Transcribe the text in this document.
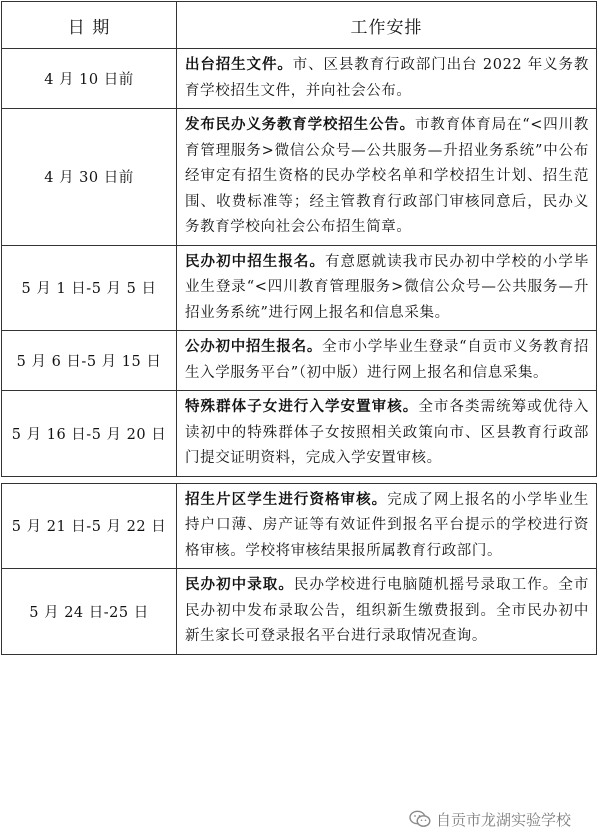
日 期	工作安排
4 月 10 日前	出台招生文件。市、区县教育行政部门出台 2022 年义务教育学校招生文件，并向社会公布。
4 月 30 日前	发布民办义务教育学校招生公告。市教育体育局在“<四川教育管理服务>微信公众号—公共服务—升招业务系统”中公布经审定有招生资格的民办学校名单和学校招生计划、招生范围、收费标准等；经主管教育行政部门审核同意后，民办义务教育学校向社会公布招生简章。
5 月 1 日-5 月 5 日	民办初中招生报名。有意愿就读我市民办初中学校的小学毕业生登录“<四川教育管理服务>微信公众号—公共服务—升招业务系统”进行网上报名和信息采集。
5 月 6 日-5 月 15 日	公办初中招生报名。全市小学毕业生登录“自贡市义务教育招生入学服务平台”（初中版）进行网上报名和信息采集。
5 月 16 日-5 月 20 日	特殊群体子女进行入学安置审核。全市各类需统筹或优待入读初中的特殊群体子女按照相关政策向市、区县教育行政部门提交证明资料，完成入学安置审核。

5 月 21 日-5 月 22 日	招生片区学生进行资格审核。完成了网上报名的小学毕业生持户口薄、房产证等有效证件到报名平台提示的学校进行资格审核。学校将审核结果报所属教育行政部门。
5 月 24 日-25 日	民办初中录取。民办学校进行电脑随机摇号录取工作。全市民办初中发布录取公告，组织新生缴费报到。全市民办初中新生家长可登录报名平台进行录取情况查询。
自贡市龙湖实验学校
